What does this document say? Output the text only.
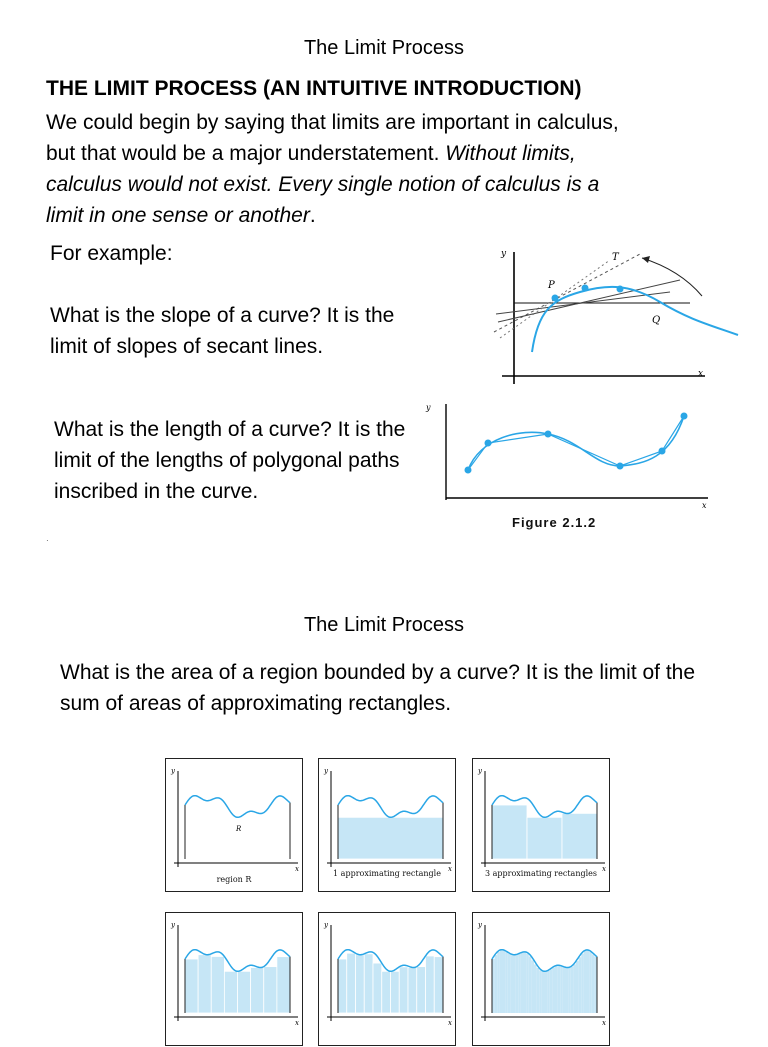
The Limit Process
THE LIMIT PROCESS (AN INTUITIVE INTRODUCTION)
We could begin by saying that limits are important in calculus, but that would be a major understatement. Without limits, calculus would not exist. Every single notion of calculus is a limit in one sense or another.
For example:
What is the slope of a curve? It is the limit of slopes of secant lines.
What is the length of a curve? It is the limit of the lengths of polygonal paths inscribed in the curve.
·
y
x
P
T
Q
y
x
Figure 2.1.2
The Limit Process
What is the area of a region bounded by a curve? It is the limit of the sum of areas of approximating rectangles.
y
x
R
region R
y
x
1 approximating rectangle
y
x
3 approximating rectangles
y
x
y
x
y
x
